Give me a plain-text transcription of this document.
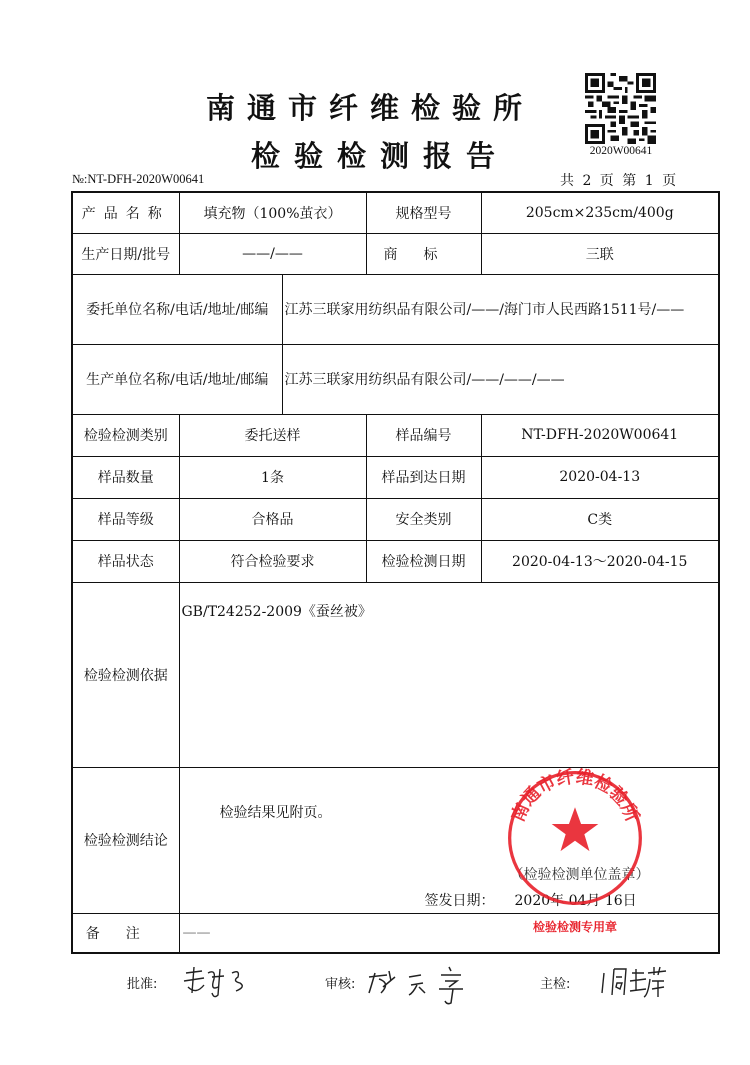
南通市纤维检验所
检验检测报告	2020W00641
№:NT-DFH-2020W00641	共 2 页 第 1 页
产品名称	填充物（100%茧衣）		规格型号	205cm×235cm/400g
生产日期/批号	——/——		商标	三联
委托单位名称/电话/地址/邮编		江苏三联家用纺织品有限公司/——/海门市人民西路1511号/——		
生产单位名称/电话/地址/邮编		江苏三联家用纺织品有限公司/——/——/——		
检验检测类别	委托送样		样品编号	NT-DFH-2020W00641
样品数量	1条		样品到达日期	2020-04-13
样品等级	合格品		安全类别	C类
样品状态	符合检验要求		检验检测日期	2020-04-13～2020-04-15
检验检测依据	GB/T24252-2009《蚕丝被》			
检验检测结论	检验结果见附页。
（检验检测单位盖章）
签发日期： 2020年 04月 16日			

备注	——			
南通市纤维检验所
检验检测专用章
批准:	审核:	主检:
